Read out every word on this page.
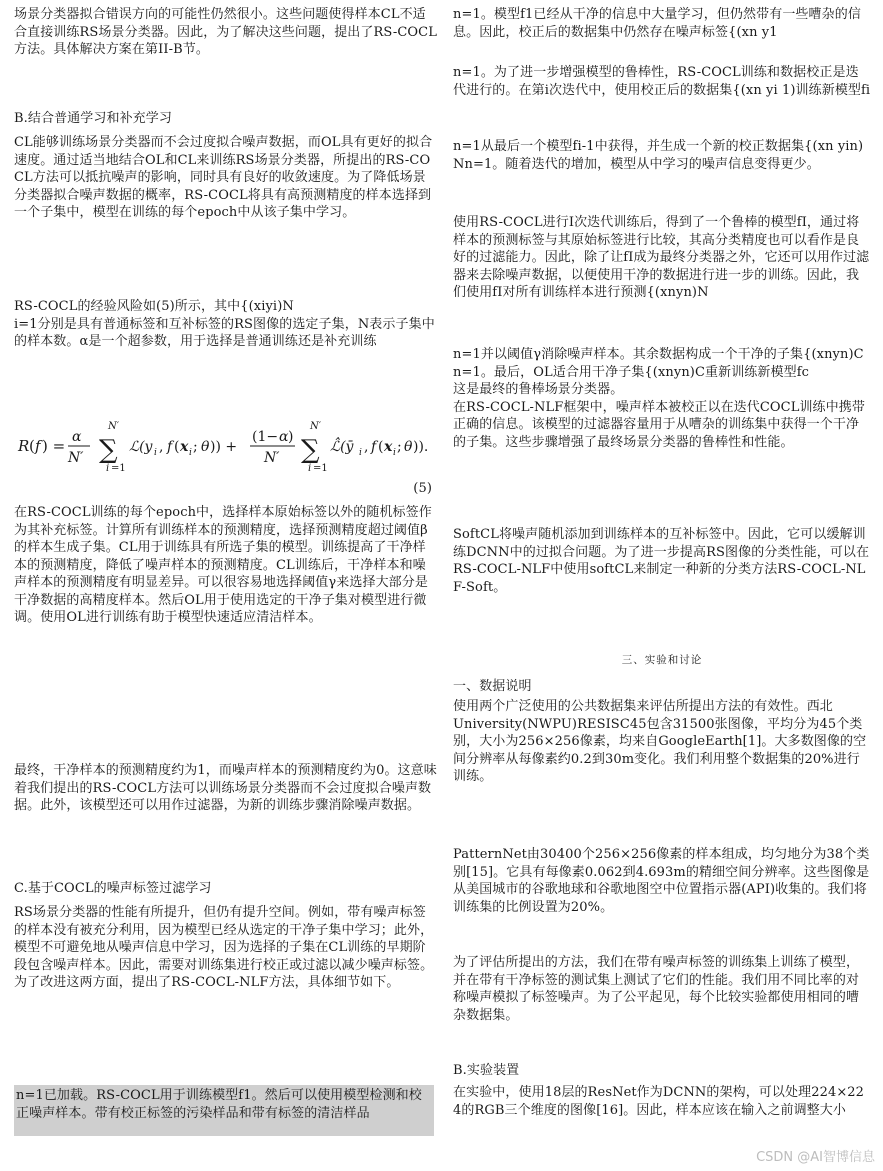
场景分类器拟合错误方向的可能性仍然很小。这些问题使得样本CL不适合直接训练RS场景分类器。因此，为了解决这些问题，提出了RS-COCL方法。具体解决方案在第II-B节。
B.结合普通学习和补充学习
CL能够训练场景分类器而不会过度拟合噪声数据，而OL具有更好的拟合速度。通过适当地结合OL和CL来训练RS场景分类器，所提出的RS-COCL方法可以抵抗噪声的影响，同时具有良好的收敛速度。为了降低场景分类器拟合噪声数据的概率，RS-COCL将具有高预测精度的样本选择到一个子集中，模型在训练的每个epoch中从该子集中学习。
RS-COCL的经验风险如(5)所示，其中{(xiyi)N
i=1分别是具有普通标签和互补标签的RS图像的选定子集，N表示子集中的样本数。α是一个超参数，用于选择是普通训练还是补充训练
R ( f ) = α
N′
N′
∑
i =1
ℒ(y i , f ( x i ; θ )) +
(1− α )
N′
N′
∑
i =1
ℒ̂(ȳ i , f ( x i ; θ )).
(5)
在RS-COCL训练的每个epoch中，选择样本原始标签以外的随机标签作为其补充标签。计算所有训练样本的预测精度，选择预测精度超过阈值β的样本生成子集。CL用于训练具有所选子集的模型。训练提高了干净样本的预测精度，降低了噪声样本的预测精度。CL训练后，干净样本和噪声样本的预测精度有明显差异。可以很容易地选择阈值γ来选择大部分是干净数据的高精度样本。然后OL用于使用选定的干净子集对模型进行微调。使用OL进行训练有助于模型快速适应清洁样本。
最终，干净样本的预测精度约为1，而噪声样本的预测精度约为0。这意味着我们提出的RS-COCL方法可以训练场景分类器而不会过度拟合噪声数据。此外，该模型还可以用作过滤器，为新的训练步骤消除噪声数据。
C.基于COCL的噪声标签过滤学习
RS场景分类器的性能有所提升，但仍有提升空间。例如，带有噪声标签的样本没有被充分利用，因为模型已经从选定的干净子集中学习；此外，模型不可避免地从噪声信息中学习，因为选择的子集在CL训练的早期阶段包含噪声样本。因此，需要对训练集进行校正或过滤以减少噪声标签。为了改进这两方面，提出了RS-COCL-NLF方法，具体细节如下。
n=1已加载。RS-COCL用于训练模型f1。然后可以使用模型检测和校正噪声样本。带有校正标签的污染样品和带有标签的清洁样品
n=1。模型f1已经从干净的信息中大量学习，但仍然带有一些嘈杂的信息。因此，校正后的数据集中仍然存在噪声标签{(xn y1
n=1。为了进一步增强模型的鲁棒性，RS-COCL训练和数据校正是迭代进行的。在第i次迭代中，使用校正后的数据集{(xn yi 1)训练新模型fi
n=1从最后一个模型fi-1中获得，并生成一个新的校正数据集{(xn yin)Nn=1。随着迭代的增加，模型从中学习的噪声信息变得更少。
使用RS-COCL进行I次迭代训练后，得到了一个鲁棒的模型fI，通过将样本的预测标签与其原始标签进行比较，其高分类精度也可以看作是良好的过滤能力。因此，除了让fI成为最终分类器之外，它还可以用作过滤器来去除噪声数据，以便使用干净的数据进行进一步的训练。因此，我们使用fI对所有训练样本进行预测{(xnyn)N
n=1并以阈值γ消除噪声样本。其余数据构成一个干净的子集{(xnyn)C
n=1。最后，OL适合用干净子集{(xnyn)C重新训练新模型fc
这是最终的鲁棒场景分类器。
在RS-COCL-NLF框架中，噪声样本被校正以在迭代COCL训练中携带正确的信息。该模型的过滤器容量用于从嘈杂的训练集中获得一个干净的子集。这些步骤增强了最终场景分类器的鲁棒性和性能。
SoftCL将噪声随机添加到训练样本的互补标签中。因此，它可以缓解训练DCNN中的过拟合问题。为了进一步提高RS图像的分类性能，可以在RS-COCL-NLF中使用softCL来制定一种新的分类方法RS-COCL-NLF-Soft。
三、实验和讨论
一、数据说明
使用两个广泛使用的公共数据集来评估所提出方法的有效性。西北
University(NWPU)RESISC45包含31500张图像，平均分为45个类别，大小为256×256像素，均来自GoogleEarth[1]。大多数图像的空间分辨率从每像素约0.2到30m变化。我们利用整个数据集的20%进行训练。
PatternNet由30400个256×256像素的样本组成，均匀地分为38个类别[15]。它具有每像素0.062到4.693m的精细空间分辨率。这些图像是从美国城市的谷歌地球和谷歌地图空中位置指示器(API)收集的。我们将训练集的比例设置为20%。
为了评估所提出的方法，我们在带有噪声标签的训练集上训练了模型，并在带有干净标签的测试集上测试了它们的性能。我们用不同比率的对称噪声模拟了标签噪声。为了公平起见，每个比较实验都使用相同的嘈杂数据集。
B.实验装置
在实验中，使用18层的ResNet作为DCNN的架构，可以处理224×224的RGB三个维度的图像[16]。因此，样本应该在输入之前调整大小
CSDN @AI智博信息
